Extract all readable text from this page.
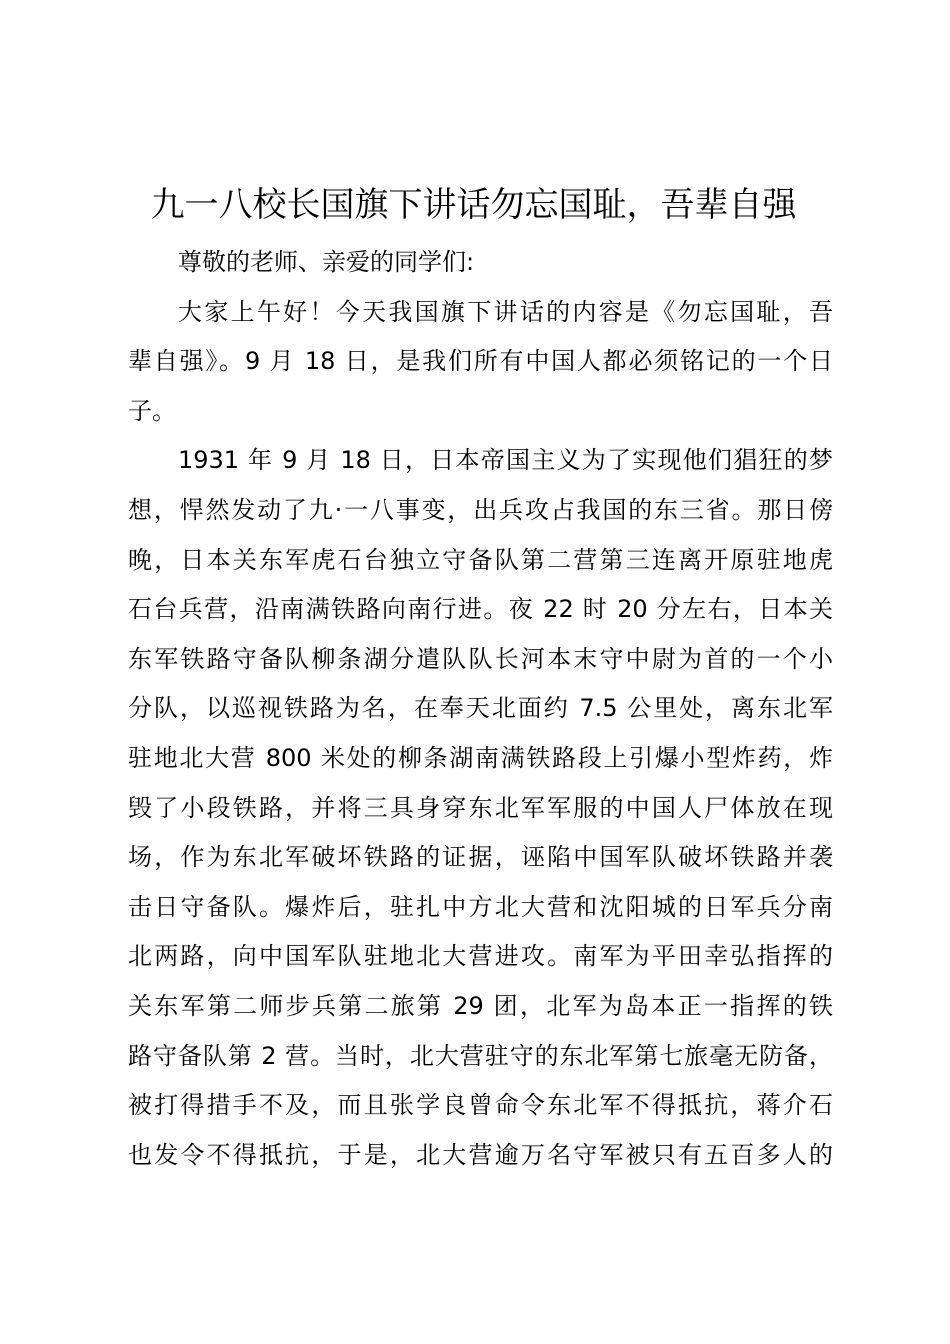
九一八校长国旗下讲话勿忘国耻，吾辈自强
尊敬的老师、亲爱的同学们:
大家上午好！今天我国旗下讲话的内容是《勿忘国耻，吾
辈自强》。9 月 18 日，是我们所有中国人都必须铭记的一个日
子。
1931 年 9 月 18 日，日本帝国主义为了实现他们猖狂的梦
想，悍然发动了九·一八事变，出兵攻占我国的东三省。那日傍
晚，日本关东军虎石台独立守备队第二营第三连离开原驻地虎
石台兵营，沿南满铁路向南行进。夜 22 时 20 分左右，日本关
东军铁路守备队柳条湖分遣队队长河本末守中尉为首的一个小
分队，以巡视铁路为名，在奉天北面约 7.5 公里处，离东北军
驻地北大营 800 米处的柳条湖南满铁路段上引爆小型炸药，炸
毁了小段铁路，并将三具身穿东北军军服的中国人尸体放在现
场，作为东北军破坏铁路的证据，诬陷中国军队破坏铁路并袭
击日守备队。爆炸后，驻扎中方北大营和沈阳城的日军兵分南
北两路，向中国军队驻地北大营进攻。南军为平田幸弘指挥的
关东军第二师步兵第二旅第 29 团，北军为岛本正一指挥的铁
路守备队第 2 营。当时，北大营驻守的东北军第七旅毫无防备，
被打得措手不及，而且张学良曾命令东北军不得抵抗，蒋介石
也发令不得抵抗，于是，北大营逾万名守军被只有五百多人的
